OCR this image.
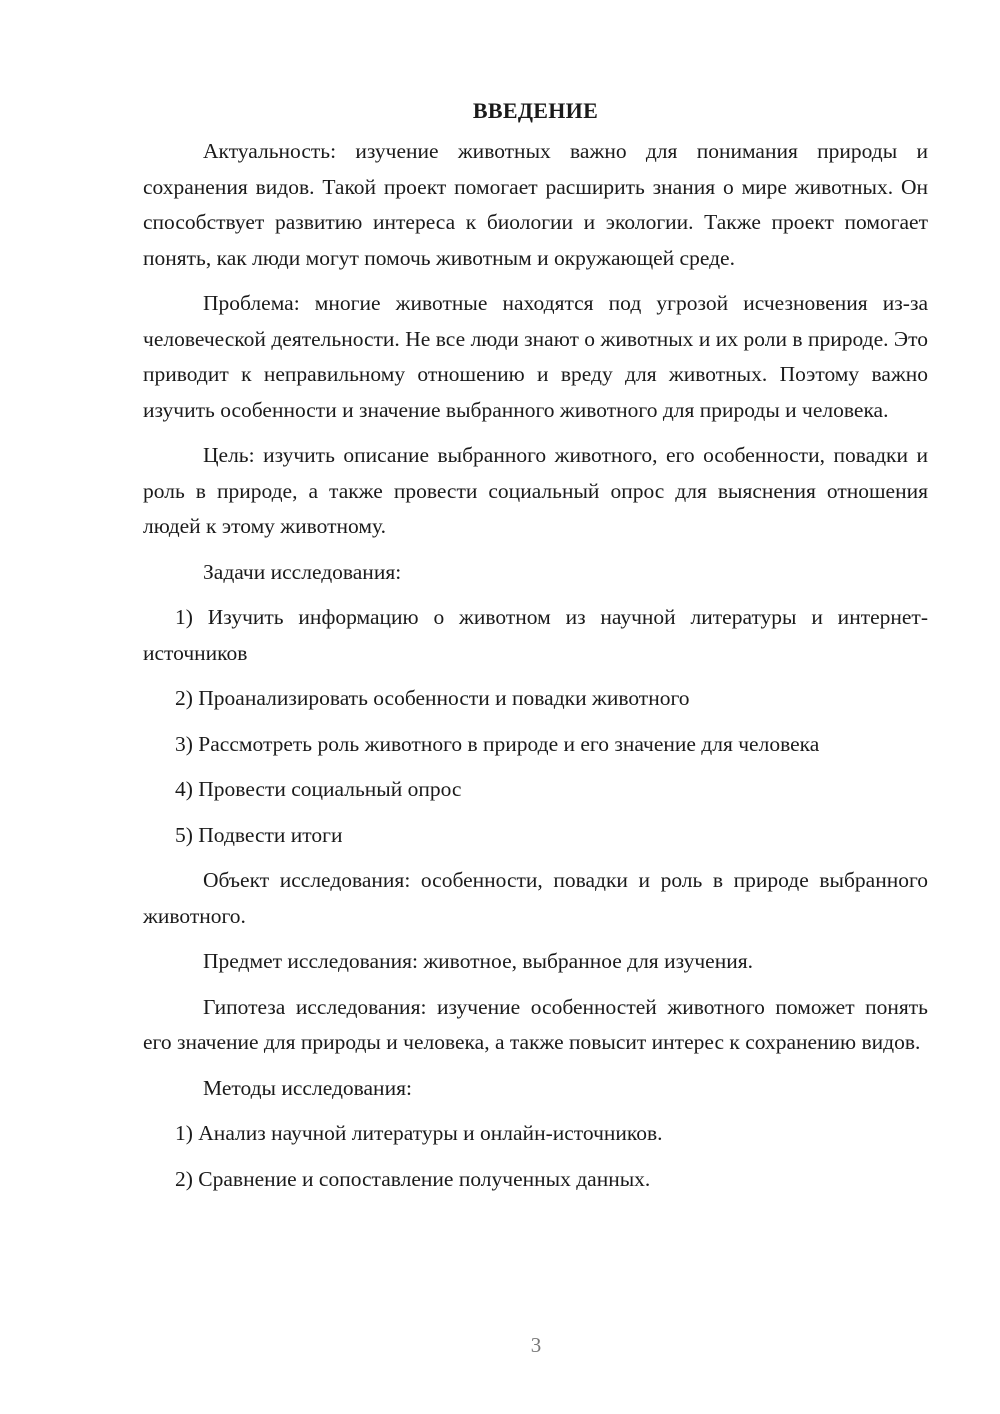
ВВЕДЕНИЕ

Актуальность: изучение животных важно для понимания природы и сохранения видов. Такой проект помогает расширить знания о мире животных. Он способствует развитию интереса к биологии и экологии. Также проект помогает понять, как люди могут помочь животным и окружающей среде.

Проблема: многие животные находятся под угрозой исчезновения из-за человеческой деятельности. Не все люди знают о животных и их роли в природе. Это приводит к неправильному отношению и вреду для животных. Поэтому важно изучить особенности и значение выбранного животного для природы и человека.

Цель: изучить описание выбранного животного, его особенности, повадки и роль в природе, а также провести социальный опрос для выяснения отношения людей к этому животному.

Задачи исследования:

1) Изучить информацию о животном из научной литературы и интернет-источников

2) Проанализировать особенности и повадки животного

3) Рассмотреть роль животного в природе и его значение для человека

4) Провести социальный опрос

5) Подвести итоги

Объект исследования: особенности, повадки и роль в природе выбранного животного.

Предмет исследования: животное, выбранное для изучения.

Гипотеза исследования: изучение особенностей животного поможет понять его значение для природы и человека, а также повысит интерес к сохранению видов.

Методы исследования:

1) Анализ научной литературы и онлайн-источников.

2) Сравнение и сопоставление полученных данных.

3
